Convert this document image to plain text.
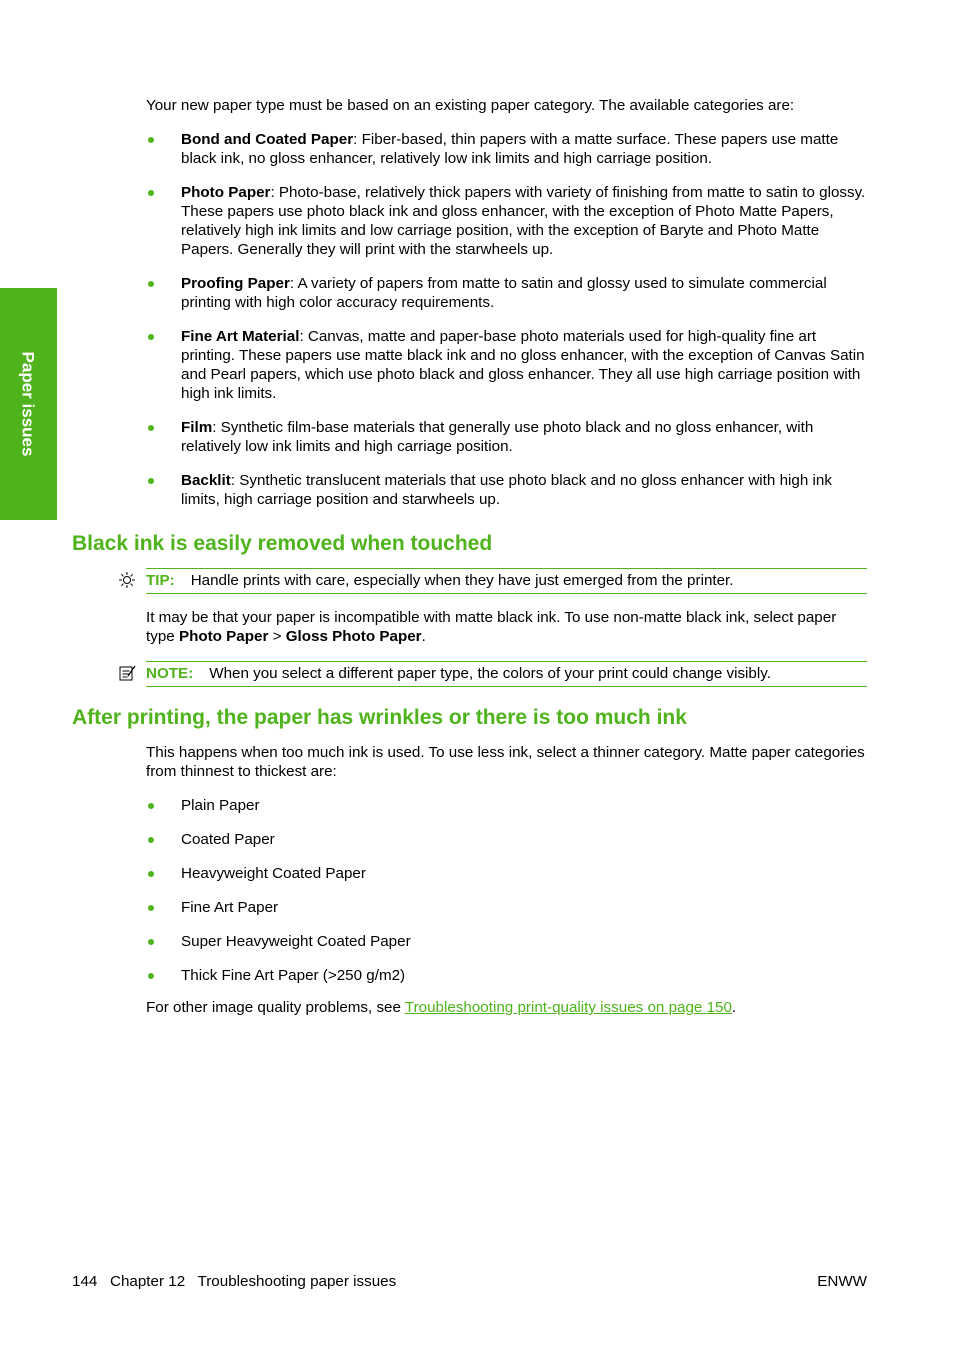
Paper issues

Your new paper type must be based on an existing paper category. The available categories are:

Bond and Coated Paper: Fiber-based, thin papers with a matte surface. These papers use matte black ink, no gloss enhancer, relatively low ink limits and high carriage position.
Photo Paper: Photo-base, relatively thick papers with variety of finishing from matte to satin to glossy. These papers use photo black ink and gloss enhancer, with the exception of Photo Matte Papers, relatively high ink limits and low carriage position, with the exception of Baryte and Photo Matte Papers. Generally they will print with the starwheels up.
Proofing Paper: A variety of papers from matte to satin and glossy used to simulate commercial printing with high color accuracy requirements.
Fine Art Material: Canvas, matte and paper-base photo materials used for high-quality fine art printing. These papers use matte black ink and no gloss enhancer, with the exception of Canvas Satin and Pearl papers, which use photo black and gloss enhancer. They all use high carriage position with high ink limits.
Film: Synthetic film-base materials that generally use photo black and no gloss enhancer, with relatively low ink limits and high carriage position.
Backlit: Synthetic translucent materials that use photo black and no gloss enhancer with high ink limits, high carriage position and starwheels up.
Black ink is easily removed when touched
TIP: Handle prints with care, especially when they have just emerged from the printer.

It may be that your paper is incompatible with matte black ink. To use non-matte black ink, select paper type Photo Paper > Gloss Photo Paper.

NOTE: When you select a different paper type, the colors of your print could change visibly.
After printing, the paper has wrinkles or there is too much ink

This happens when too much ink is used. To use less ink, select a thinner category. Matte paper categories from thinnest to thickest are:

Plain Paper
Coated Paper
Heavyweight Coated Paper
Fine Art Paper
Super Heavyweight Coated Paper
Thick Fine Art Paper (>250 g/m2)

For other image quality problems, see Troubleshooting print-quality issues on page 150.

144   Chapter 12   Troubleshooting paper issues	ENWW
